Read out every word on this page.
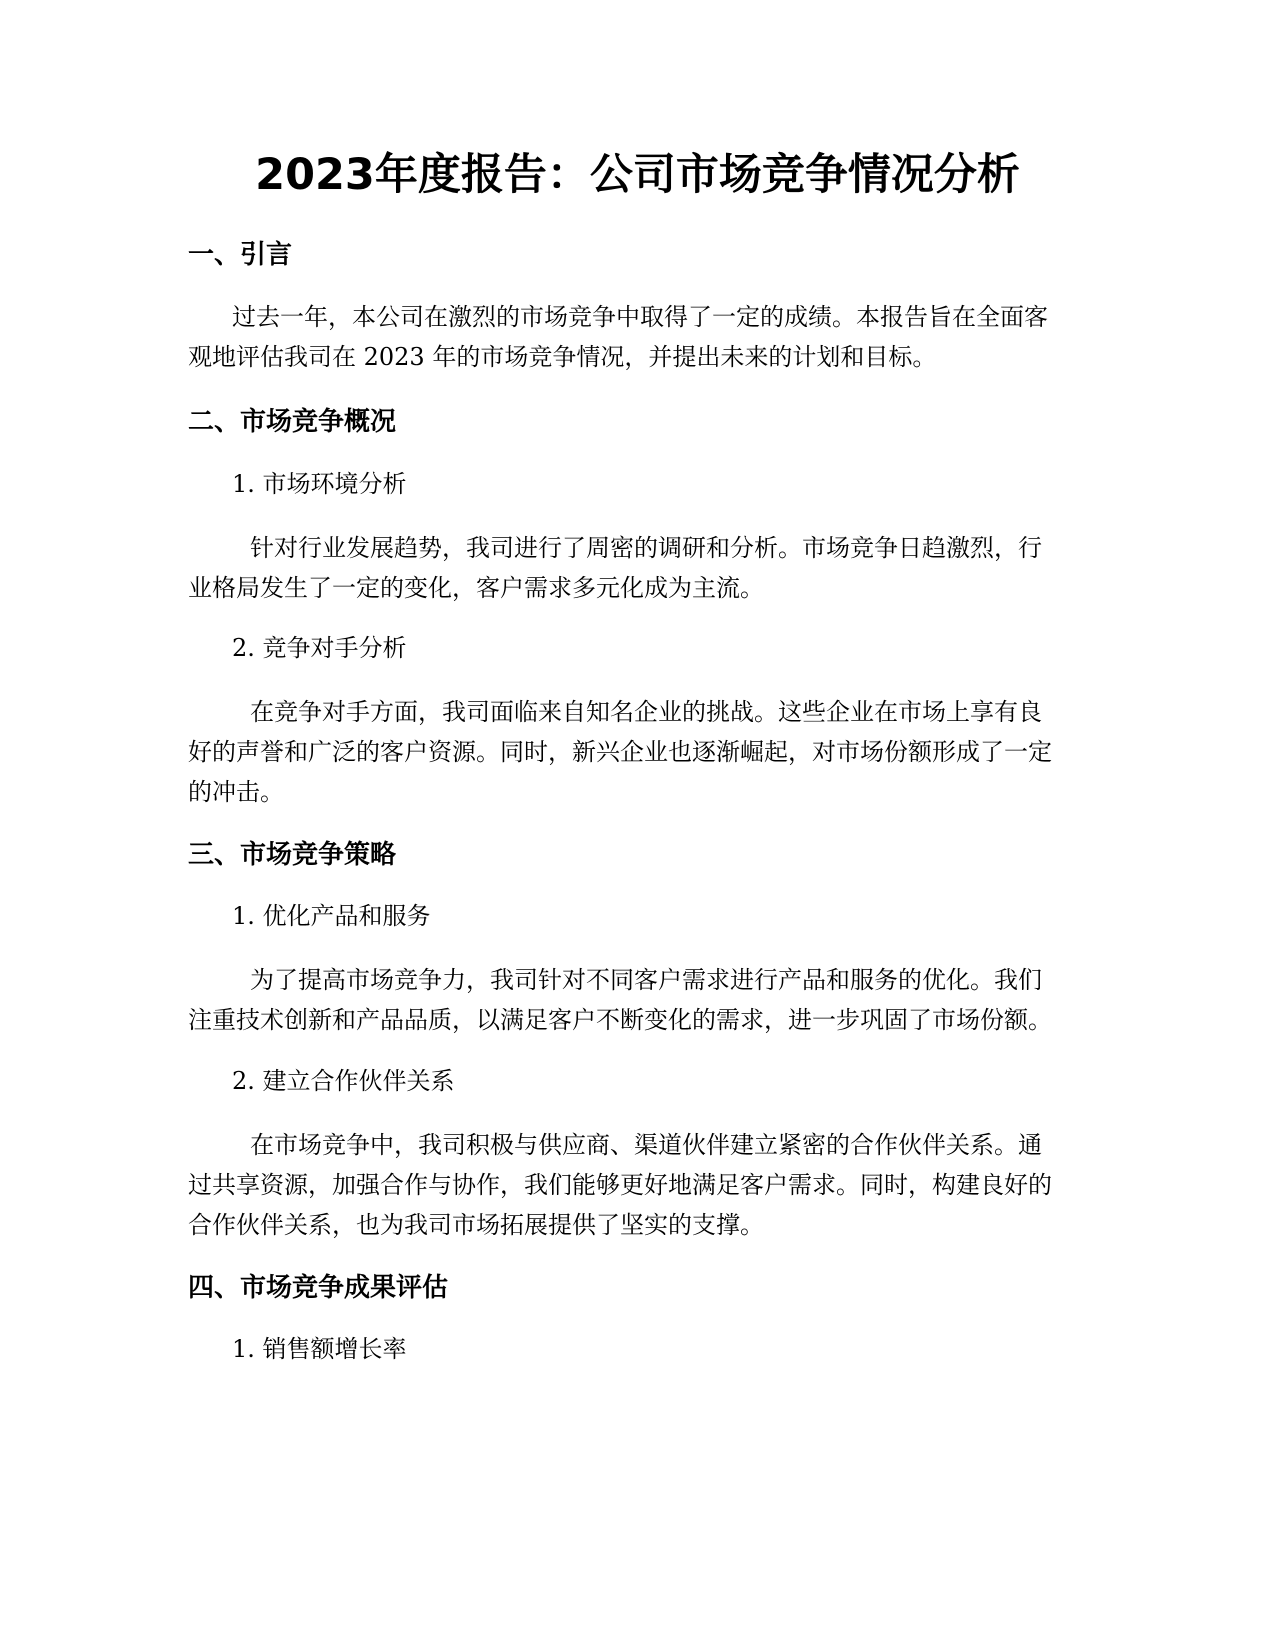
2023年度报告：公司市场竞争情况分析
一、引言
过去一年，本公司在激烈的市场竞争中取得了一定的成绩。本报告旨在全面客
观地评估我司在 2023 年的市场竞争情况，并提出未来的计划和目标。
二、市场竞争概况
1. 市场环境分析
针对行业发展趋势，我司进行了周密的调研和分析。市场竞争日趋激烈，行
业格局发生了一定的变化，客户需求多元化成为主流。
2. 竞争对手分析
在竞争对手方面，我司面临来自知名企业的挑战。这些企业在市场上享有良
好的声誉和广泛的客户资源。同时，新兴企业也逐渐崛起，对市场份额形成了一定
的冲击。
三、市场竞争策略
1. 优化产品和服务
为了提高市场竞争力，我司针对不同客户需求进行产品和服务的优化。我们
注重技术创新和产品品质，以满足客户不断变化的需求，进一步巩固了市场份额。
2. 建立合作伙伴关系
在市场竞争中，我司积极与供应商、渠道伙伴建立紧密的合作伙伴关系。通
过共享资源，加强合作与协作，我们能够更好地满足客户需求。同时，构建良好的
合作伙伴关系，也为我司市场拓展提供了坚实的支撑。
四、市场竞争成果评估
1. 销售额增长率
